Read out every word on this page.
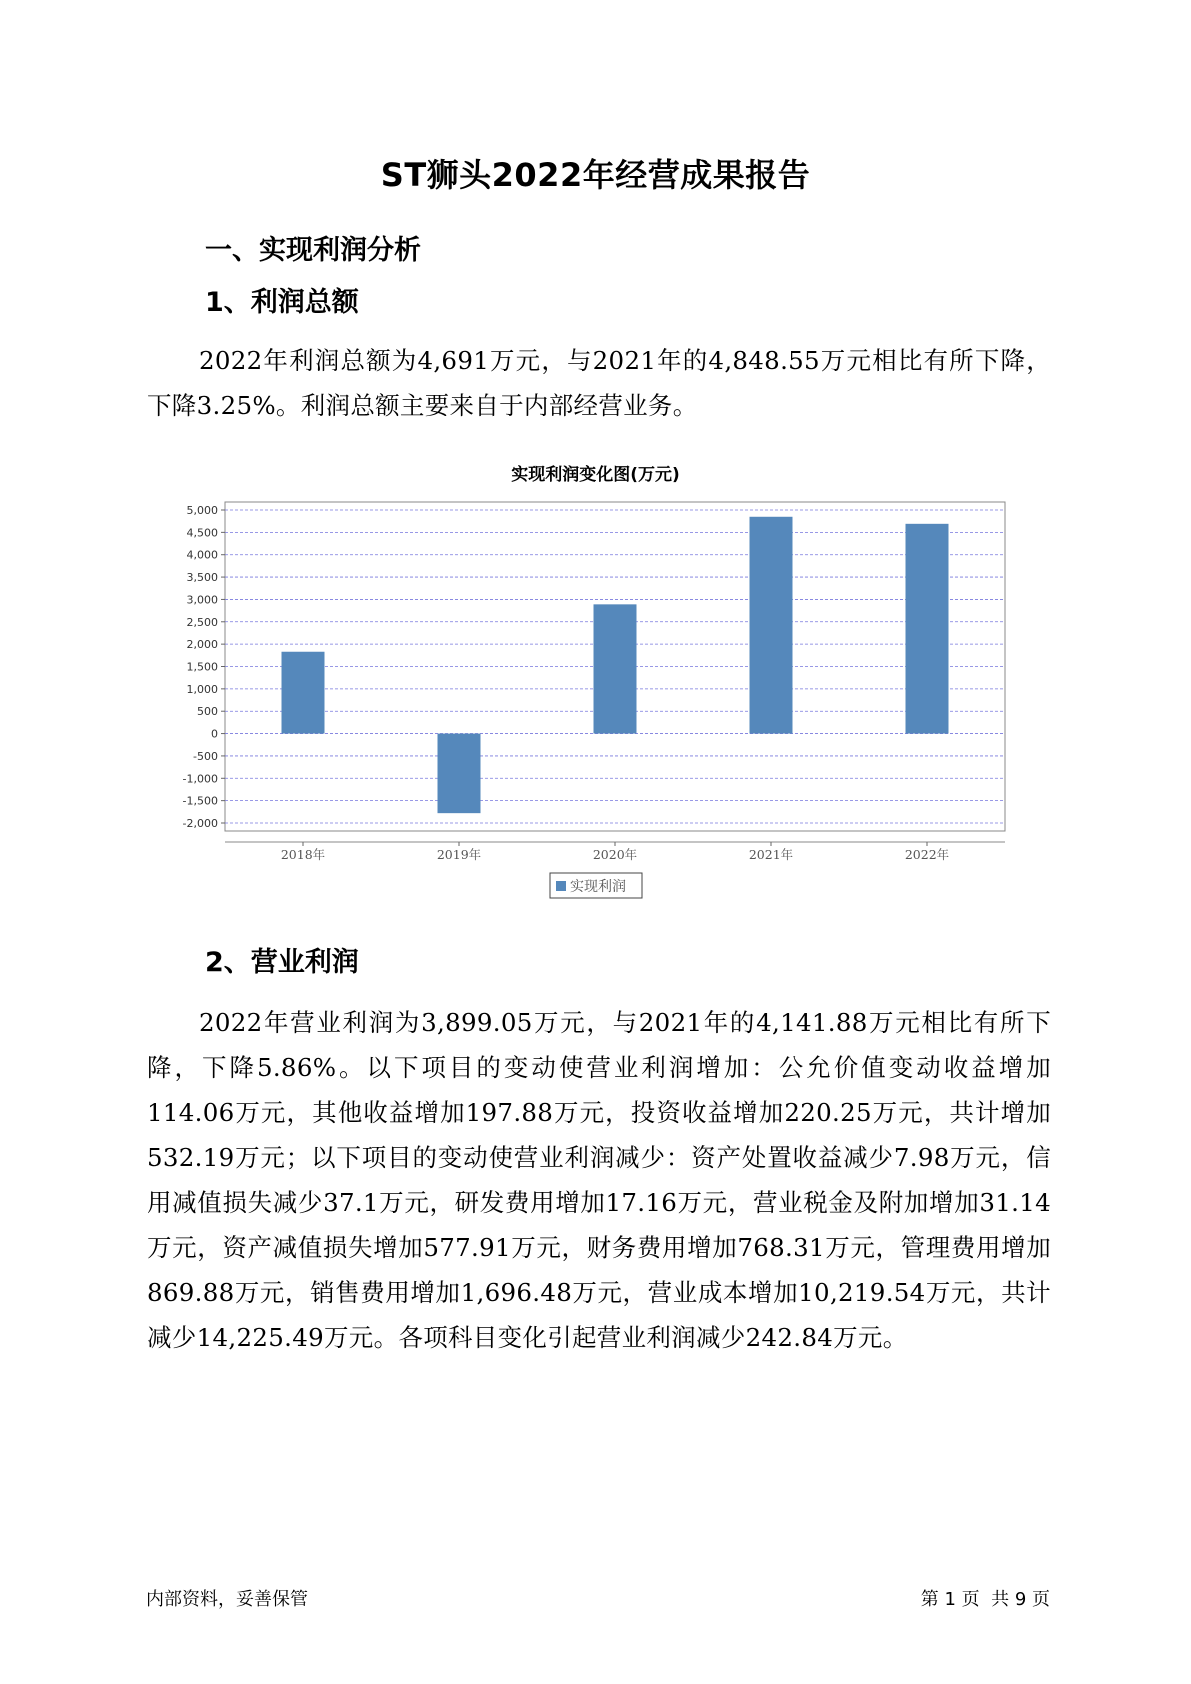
ST狮头2022年经营成果报告
一、实现利润分析
1、利润总额
2022年利润总额为4,691万元，与2021年的4,848.55万元相比有所下降，下降3.25%。利润总额主要来自于内部经营业务。
实现利润变化图(万元)
5,000
4,500
4,000
3,500
3,000
2,500
2,000
1,500
1,000
500
0
-500
-1,000
-1,500
-2,000
2018年	2019年	2020年	2021年	2022年
实现利润
2、营业利润
2022年营业利润为3,899.05万元，与2021年的4,141.88万元相比有所下降，下降5.86%。以下项目的变动使营业利润增加：公允价值变动收益增加114.06万元，其他收益增加197.88万元，投资收益增加220.25万元，共计增加532.19万元；以下项目的变动使营业利润减少：资产处置收益减少7.98万元，信用减值损失减少37.1万元，研发费用增加17.16万元，营业税金及附加增加31.14万元，资产减值损失增加577.91万元，财务费用增加768.31万元，管理费用增加869.88万元，销售费用增加1,696.48万元，营业成本增加10,219.54万元，共计减少14,225.49万元。各项科目变化引起营业利润减少242.84万元。
内部资料，妥善保管	第 1 页  共 9 页
